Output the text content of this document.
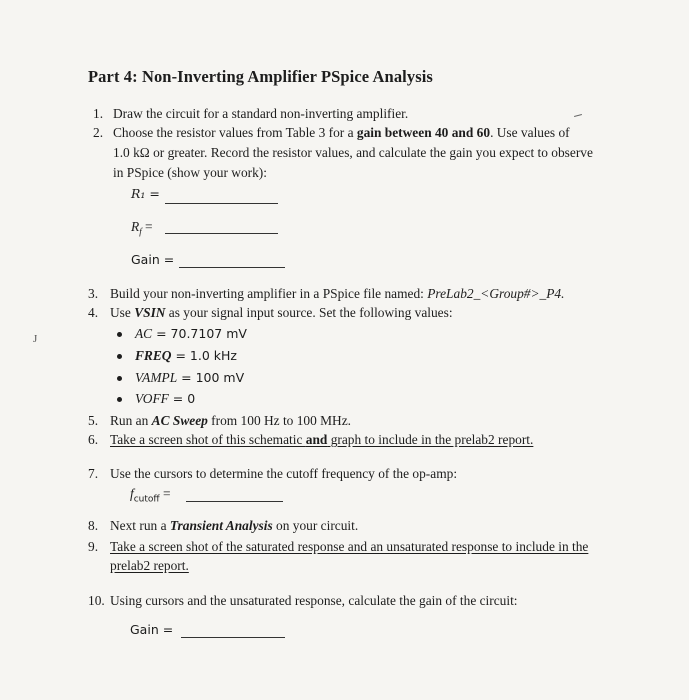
Part 4: Non-Inverting Amplifier PSpice Analysis
1. Draw the circuit for a standard non-inverting amplifier.
2. Choose the resistor values from Table 3 for a gain between 40 and 60. Use values of
1.0 kΩ or greater. Record the resistor values, and calculate the gain you expect to observe
in PSpice (show your work):
R₁ =
$R_f$ =
Gain =
3. Build your non-inverting amplifier in a PSpice file named: PreLab2_<Group#>_P4.
J
4. Use VSIN as your signal input source. Set the following values:
AC = 70.7107 mV
FREQ = 1.0 kHz
VAMPL = 100 mV
VOFF = 0
5. Run an AC Sweep from 100 Hz to 100 MHz.
6. Take a screen shot of this schematic and graph to include in the prelab2 report.
7. Use the cursors to determine the cutoff frequency of the op-amp:
$f_{cutoff}$ =
8. Next run a Transient Analysis on your circuit.
9. Take a screen shot of the saturated response and an unsaturated response to include in the
prelab2 report.
10. Using cursors and the unsaturated response, calculate the gain of the circuit:
Gain =
